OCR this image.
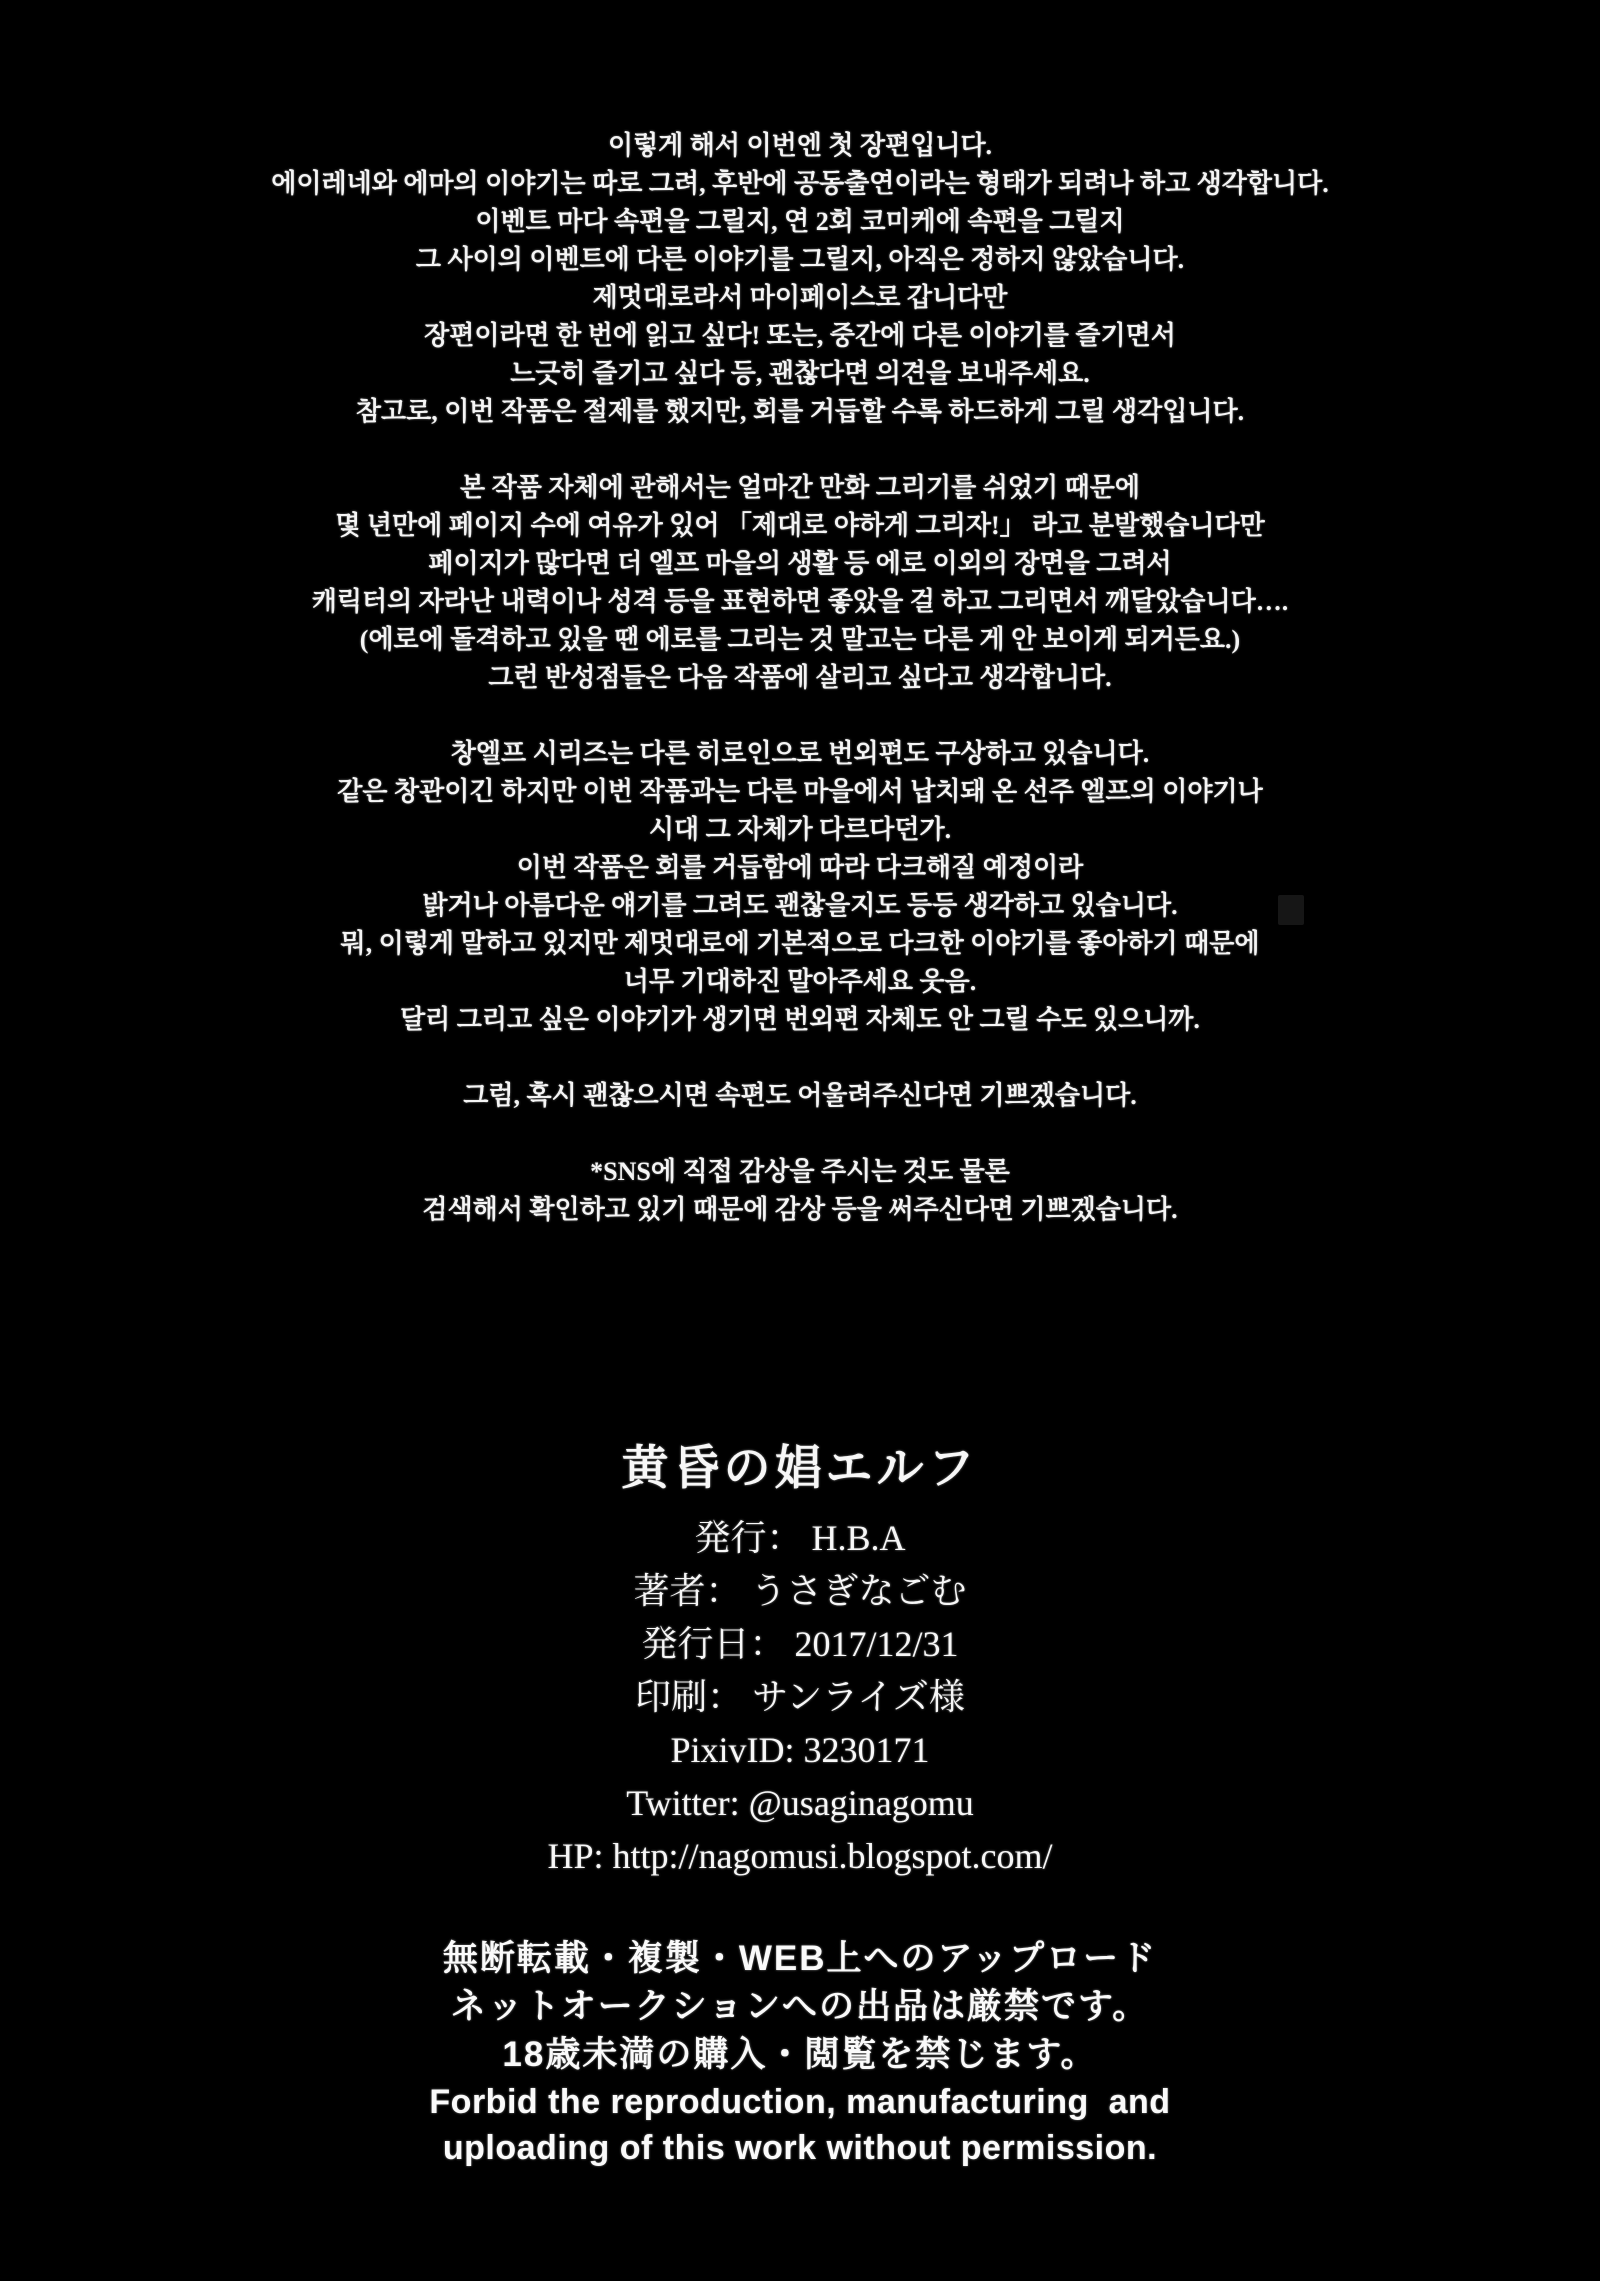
이렇게 해서 이번엔 첫 장편입니다.
에이레네와 에마의 이야기는 따로 그려, 후반에 공동출연이라는 형태가 되려나 하고 생각합니다.
이벤트 마다 속편을 그릴지, 연 2회 코미케에 속편을 그릴지
그 사이의 이벤트에 다른 이야기를 그릴지, 아직은 정하지 않았습니다.
제멋대로라서 마이페이스로 갑니다만
장편이라면 한 번에 읽고 싶다! 또는, 중간에 다른 이야기를 즐기면서
느긋히 즐기고 싶다 등, 괜찮다면 의견을 보내주세요.
참고로, 이번 작품은 절제를 했지만, 회를 거듭할 수록 하드하게 그릴 생각입니다.
본 작품 자체에 관해서는 얼마간 만화 그리기를 쉬었기 때문에
몇 년만에 페이지 수에 여유가 있어 「제대로 야하게 그리자!」 라고 분발했습니다만
페이지가 많다면 더 엘프 마을의 생활 등 에로 이외의 장면을 그려서
캐릭터의 자라난 내력이나 성격 등을 표현하면 좋았을 걸 하고 그리면서 깨달았습니다….
(에로에 돌격하고 있을 땐 에로를 그리는 것 말고는 다른 게 안 보이게 되거든요.)
그런 반성점들은 다음 작품에 살리고 싶다고 생각합니다.
창엘프 시리즈는 다른 히로인으로 번외편도 구상하고 있습니다.
같은 창관이긴 하지만 이번 작품과는 다른 마을에서 납치돼 온 선주 엘프의 이야기나
시대 그 자체가 다르다던가.
이번 작품은 회를 거듭함에 따라 다크해질 예정이라
밝거나 아름다운 얘기를 그려도 괜찮을지도 등등 생각하고 있습니다.
뭐, 이렇게 말하고 있지만 제멋대로에 기본적으로 다크한 이야기를 좋아하기 때문에
너무 기대하진 말아주세요 웃음.
달리 그리고 싶은 이야기가 생기면 번외편 자체도 안 그릴 수도 있으니까.
그럼, 혹시 괜찮으시면 속편도 어울려주신다면 기쁘겠습니다.
*SNS에 직접 감상을 주시는 것도 물론
검색해서 확인하고 있기 때문에 감상 등을 써주신다면 기쁘겠습니다.
黄昏の娼エルフ
発行： H.B.A
著者： うさぎなごむ
発行日： 2017/12/31
印刷： サンライズ様
PixivID: 3230171
Twitter: @usaginagomu
HP: http://nagomusi.blogspot.com/
無断転載・複製・WEB上へのアップロード
ネットオークションへの出品は厳禁です。
18歳未満の購入・閲覧を禁じます。
Forbid the reproduction, manufacturing  and
uploading of this work without permission.
